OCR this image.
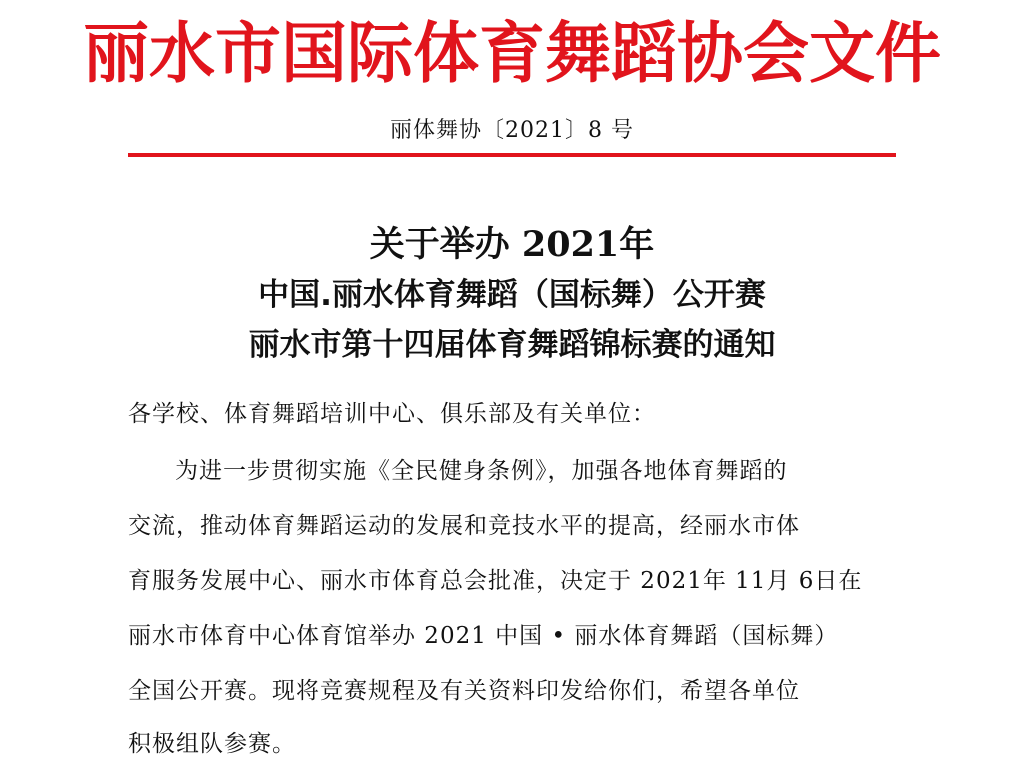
丽水市国际体育舞蹈协会文件
丽体舞协〔2021〕8 号
关于举办 2021年
中国.丽水体育舞蹈（国标舞）公开赛
丽水市第十四届体育舞蹈锦标赛的通知
各学校、体育舞蹈培训中心、俱乐部及有关单位：
为进一步贯彻实施《全民健身条例》，加强各地体育舞蹈的
交流，推动体育舞蹈运动的发展和竞技水平的提高，经丽水市体
育服务发展中心、丽水市体育总会批准，决定于 2021年 11月 6日在
丽水市体育中心体育馆举办 2021 中国 • 丽水体育舞蹈（国标舞）
全国公开赛。现将竞赛规程及有关资料印发给你们，希望各单位
积极组队参赛。
